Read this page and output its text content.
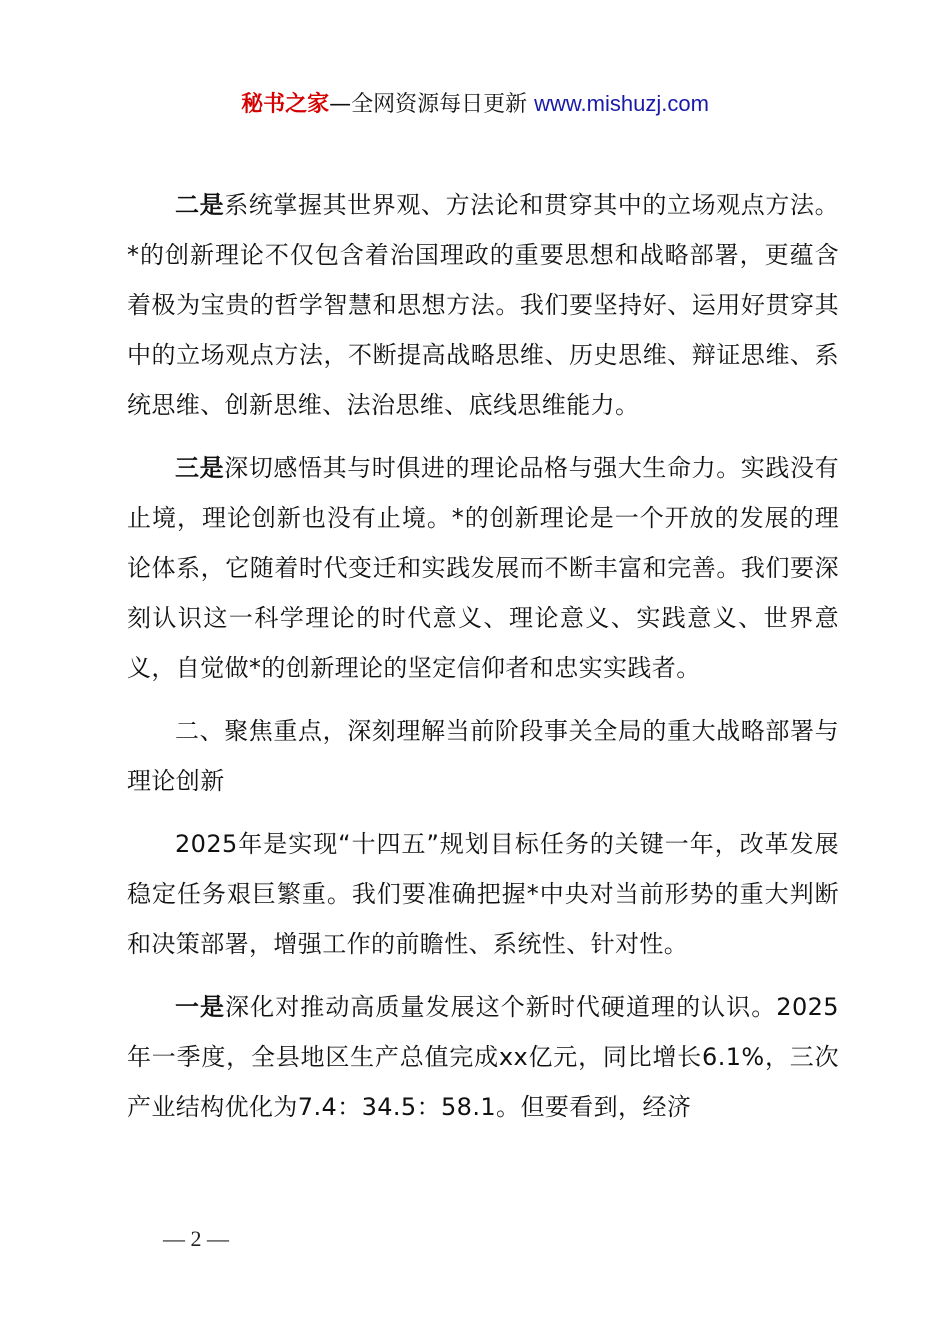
秘书之家—全网资源每日更新 www.mishuzj.com

二是系统掌握其世界观、方法论和贯穿其中的立场观点方法。*的创新理论不仅包含着治国理政的重要思想和战略部署，更蕴含着极为宝贵的哲学智慧和思想方法。我们要坚持好、运用好贯穿其中的立场观点方法，不断提高战略思维、历史思维、辩证思维、系统思维、创新思维、法治思维、底线思维能力。

三是深切感悟其与时俱进的理论品格与强大生命力。实践没有止境，理论创新也没有止境。*的创新理论是一个开放的发展的理论体系，它随着时代变迁和实践发展而不断丰富和完善。我们要深刻认识这一科学理论的时代意义、理论意义、实践意义、世界意义，自觉做*的创新理论的坚定信仰者和忠实实践者。

二、聚焦重点，深刻理解当前阶段事关全局的重大战略部署与理论创新

2025年是实现“十四五”规划目标任务的关键一年，改革发展稳定任务艰巨繁重。我们要准确把握*中央对当前形势的重大判断和决策部署，增强工作的前瞻性、系统性、针对性。

一是深化对推动高质量发展这个新时代硬道理的认识。2025年一季度，全县地区生产总值完成xx亿元，同比增长6.1%，三次产业结构优化为7.4：34.5：58.1。但要看到，经济

— 2 —
